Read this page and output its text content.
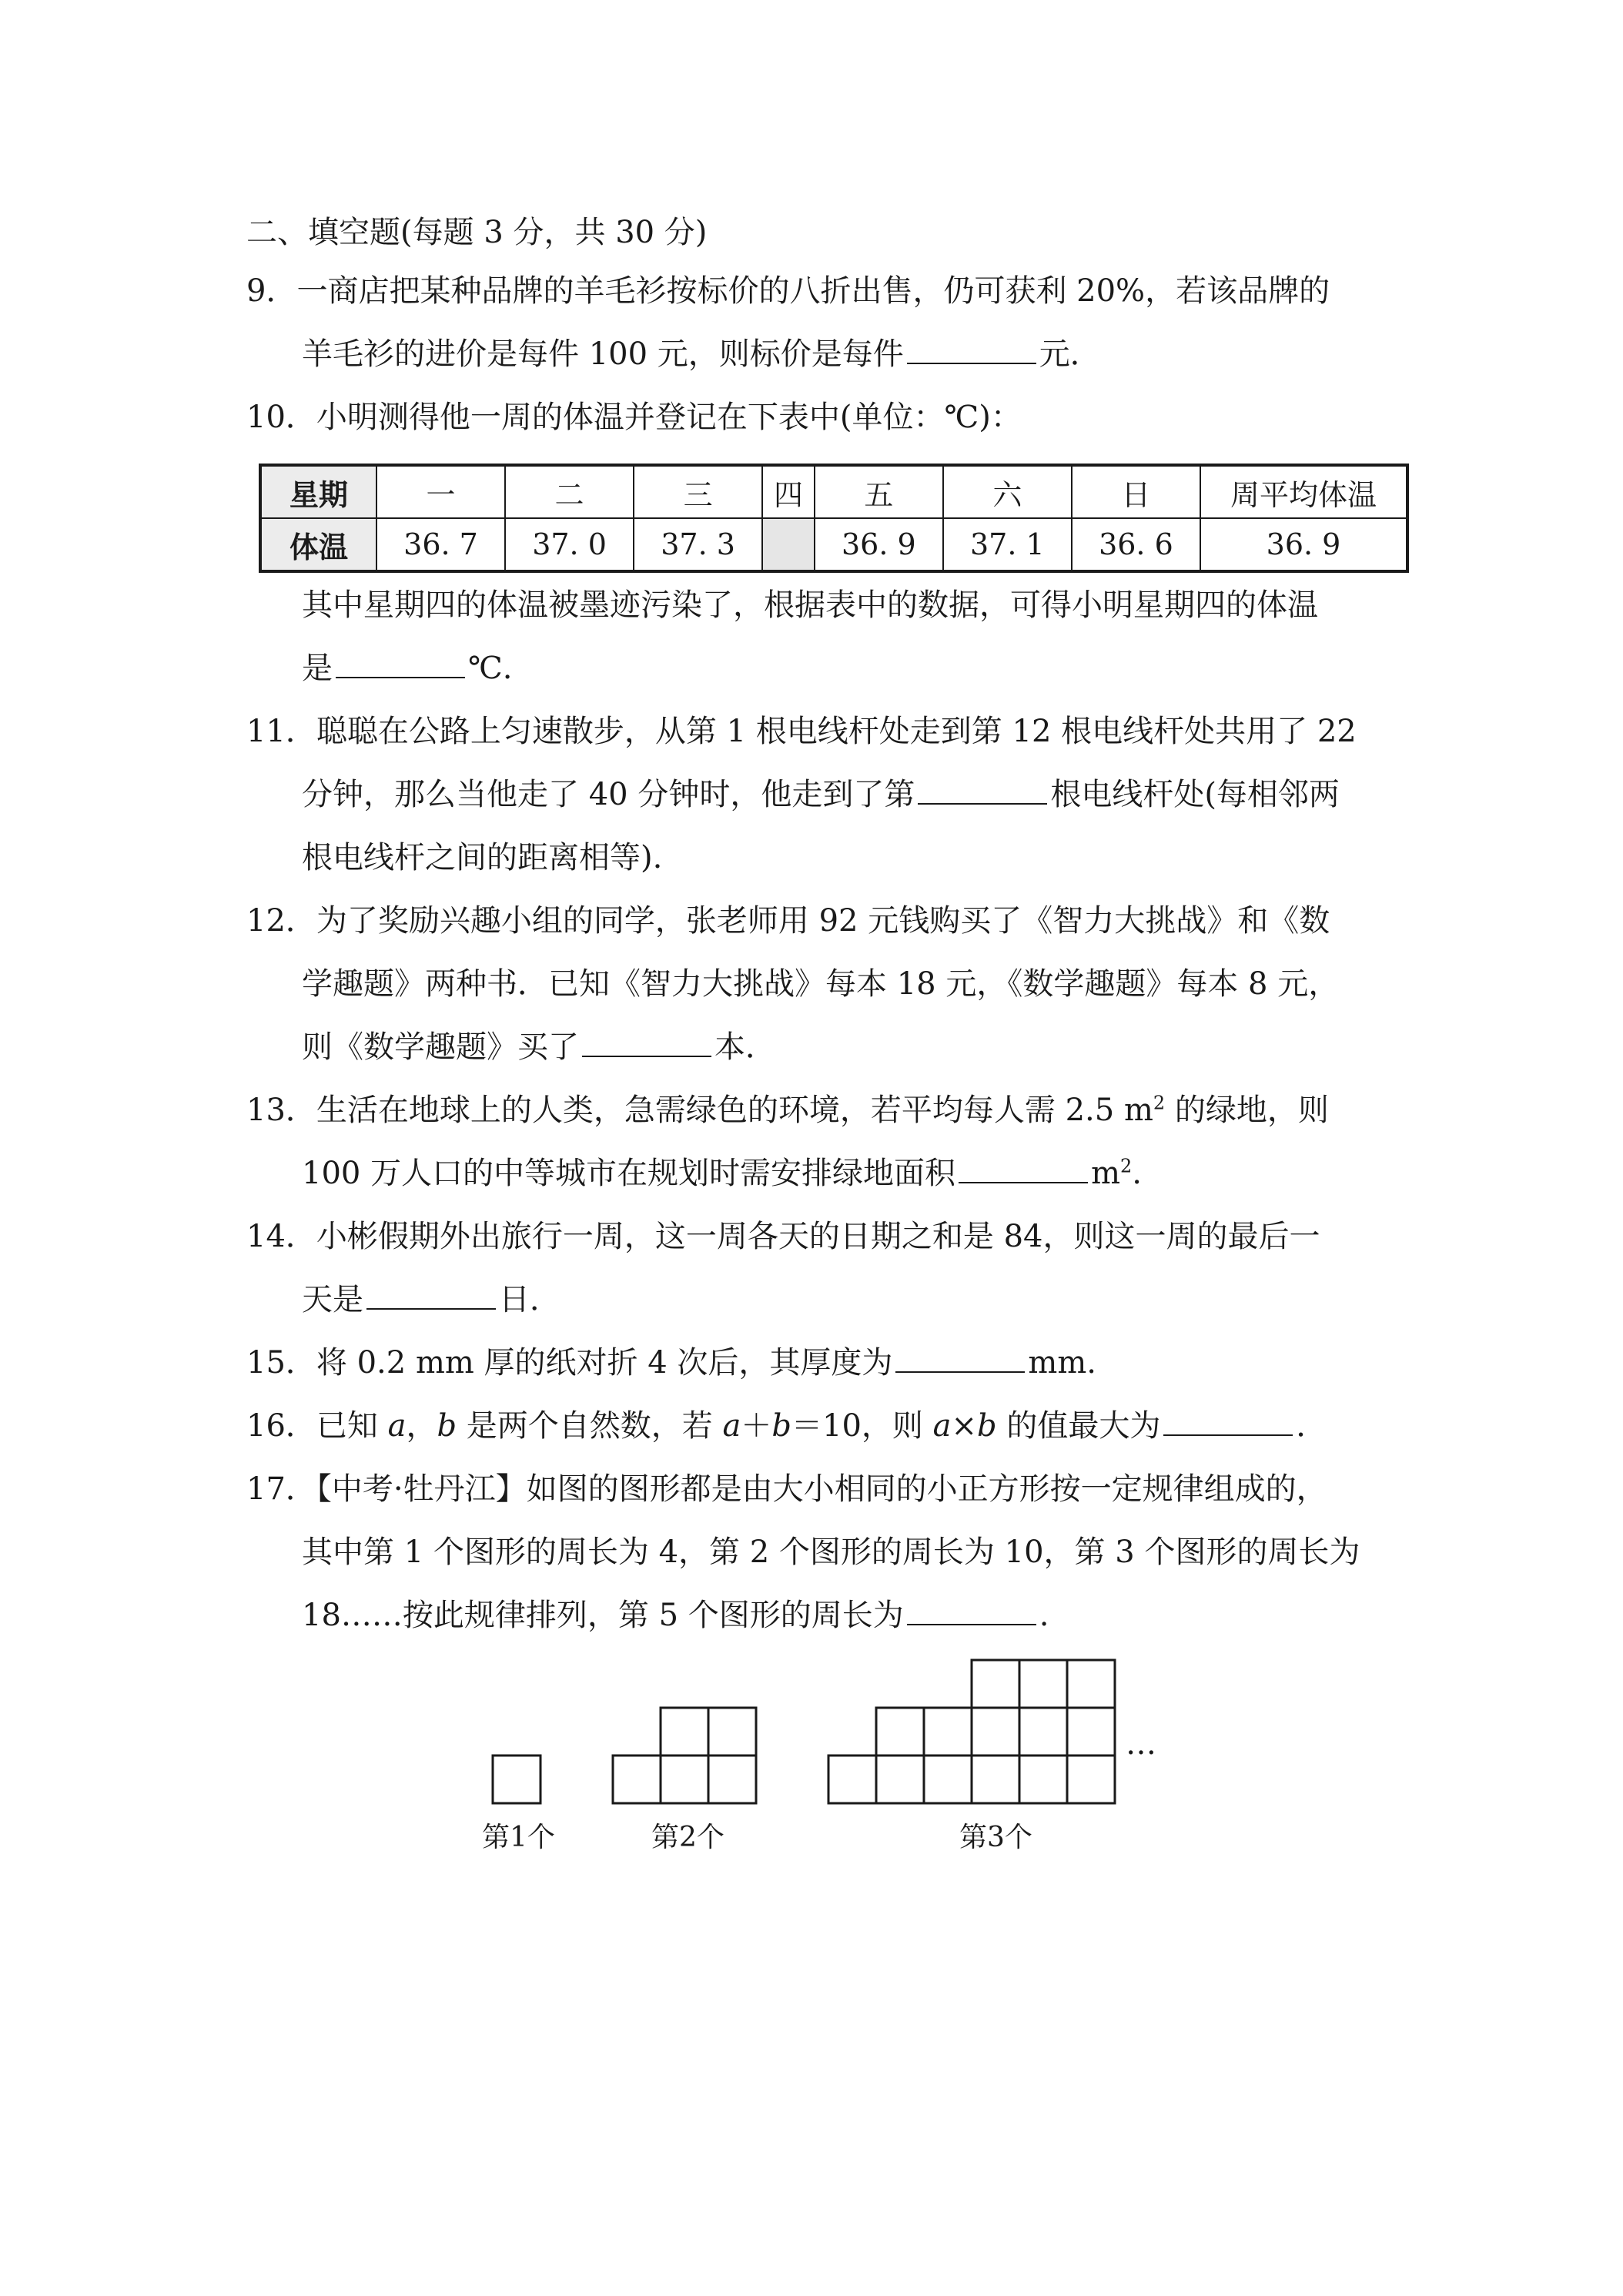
二、填空题(每题 3 分，共 30 分)
9．一商店把某种品牌的羊毛衫按标价的八折出售，仍可获利 20%，若该品牌的
羊毛衫的进价是每件 100 元，则标价是每件	元．
10．小明测得他一周的体温并登记在下表中(单位：℃)：
星期	一	二	三	四	五	六	日	周平均体温
体温	36. 7	37. 0	37. 3		36. 9	37. 1	36. 6	36. 9
其中星期四的体温被墨迹污染了，根据表中的数据，可得小明星期四的体温
是	℃.
11．聪聪在公路上匀速散步，从第 1 根电线杆处走到第 12 根电线杆处共用了 22
分钟，那么当他走了 40 分钟时，他走到了第	根电线杆处(每相邻两
根电线杆之间的距离相等).
12．为了奖励兴趣小组的同学，张老师用 92 元钱购买了《智力大挑战》和《数
学趣题》两种书．已知《智力大挑战》每本 18 元，《数学趣题》每本 8 元，
则《数学趣题》买了	本．
13．生活在地球上的人类，急需绿色的环境，若平均每人需 2.5 $m^2$ 的绿地，则
100 万人口的中等城市在规划时需安排绿地面积	$m^2$.
14．小彬假期外出旅行一周，这一周各天的日期之和是 84，则这一周的最后一
天是	日．
15．将 0.2 mm 厚的纸对折 4 次后，其厚度为	mm.
16．已知 a，b 是两个自然数，若 a＋b＝10，则 a×b 的值最大为	．
17．【中考·牡丹江】如图的图形都是由大小相同的小正方形按一定规律组成的，
其中第 1 个图形的周长为 4，第 2 个图形的周长为 10，第 3 个图形的周长为
18……按此规律排列，第 5 个图形的周长为	.
…
第1个	第2个	第3个
